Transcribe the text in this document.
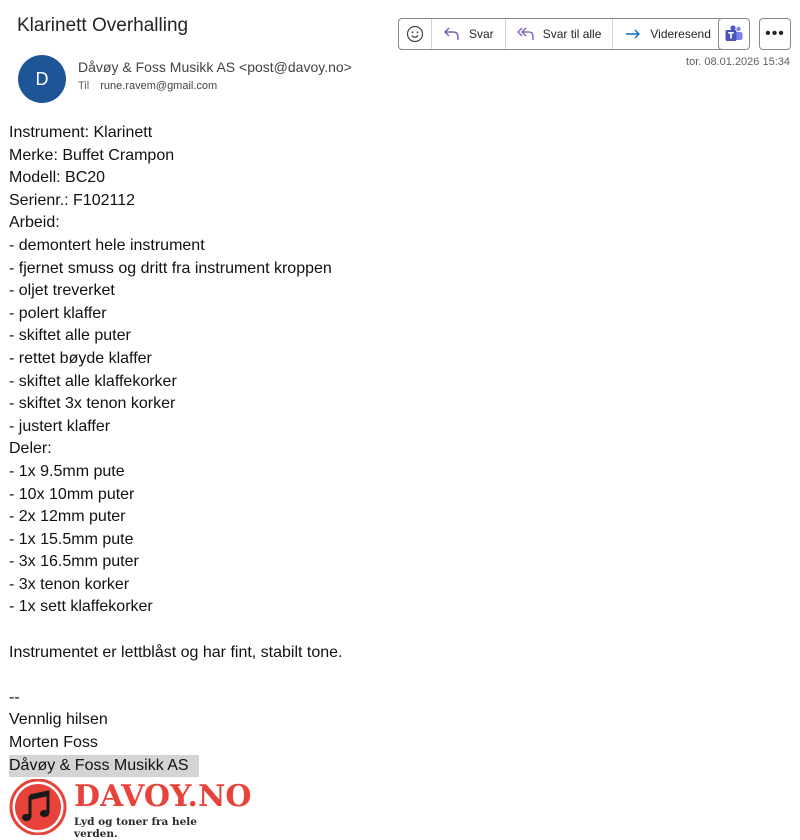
Klarinett Overhalling	Svar	Svar til alle	Videresend	•••
D
Dåvøy & Foss Musikk AS <post@davoy.no>
Til rune.ravem@gmail.com
tor. 08.01.2026 15:34
Instrument: Klarinett
Merke: Buffet Crampon
Modell: BC20
Serienr.: F102112
Arbeid:
- demontert hele instrument
- fjernet smuss og dritt fra instrument kroppen
- oljet treverket
- polert klaffer
- skiftet alle puter
- rettet bøyde klaffer
- skiftet alle klaffekorker
- skiftet 3x tenon korker
- justert klaffer
Deler:
- 1x 9.5mm pute
- 10x 10mm puter
- 2x 12mm puter
- 1x 15.5mm pute
- 3x 16.5mm puter
- 3x tenon korker
- 1x sett klaffekorker
Instrumentet er lettblåst og har fint, stabilt tone.
--
Vennlig hilsen
Morten Foss
Dåvøy & Foss Musikk AS
DAVOY.NO
Lyd og toner fra hele verden.
